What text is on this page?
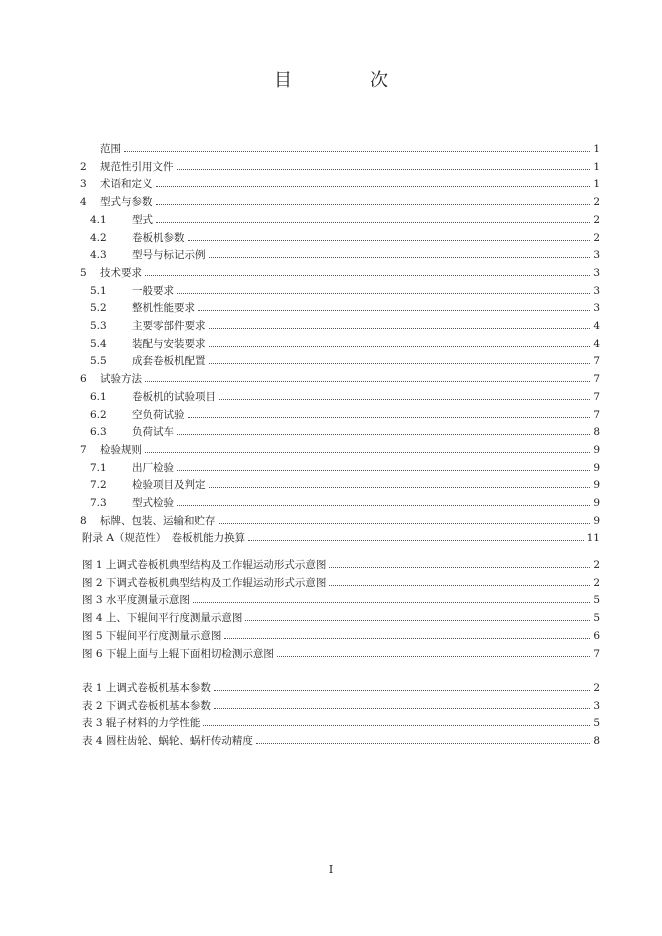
目　次
范围	1
2	规范性引用文件	1
3	术语和定义	1
4	型式与参数	2
4.1	型式	2
4.2	卷板机参数	2
4.3	型号与标记示例	3
5	技术要求	3
5.1	一般要求	3
5.2	整机性能要求	3
5.3	主要零部件要求	4
5.4	装配与安装要求	4
5.5	成套卷板机配置	7
6	试验方法	7
6.1	卷板机的试验项目	7
6.2	空负荷试验	7
6.3	负荷试车	8
7	检验规则	9
7.1	出厂检验	9
7.2	检验项目及判定	9
7.3	型式检验	9
8	标牌、包装、运输和贮存	9
附录 A（规范性）　卷板机能力换算	11
图 1 上调式卷板机典型结构及工作辊运动形式示意图	2
图 2 下调式卷板机典型结构及工作辊运动形式示意图	2
图 3 水平度测量示意图	5
图 4 上、下辊间平行度测量示意图	5
图 5 下辊间平行度测量示意图	6
图 6 下辊上面与上辊下面相切检测示意图	7
表 1 上调式卷板机基本参数	2
表 2 下调式卷板机基本参数	3
表 3 辊子材料的力学性能	5
表 4 圆柱齿轮、蜗轮、蜗杆传动精度	8
I
